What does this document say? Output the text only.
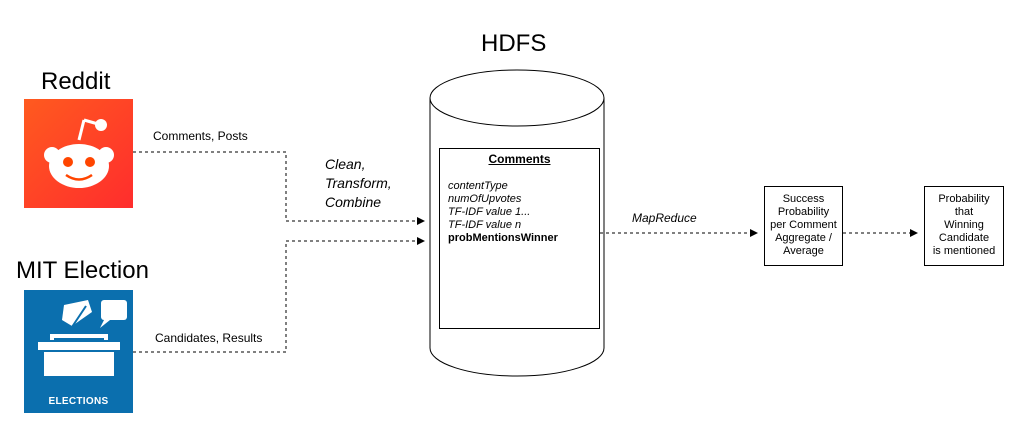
HDFS
Reddit
MIT Election
ELECTIONS
Comments, Posts
Candidates, Results
Clean,
Transform,
Combine
MapReduce
Comments
contentType
numOfUpvotes
TF-IDF value 1...
TF-IDF value n
probMentionsWinner
Success
Probability
per Comment
Aggregate /
Average
Probability
that
Winning
Candidate
is mentioned
